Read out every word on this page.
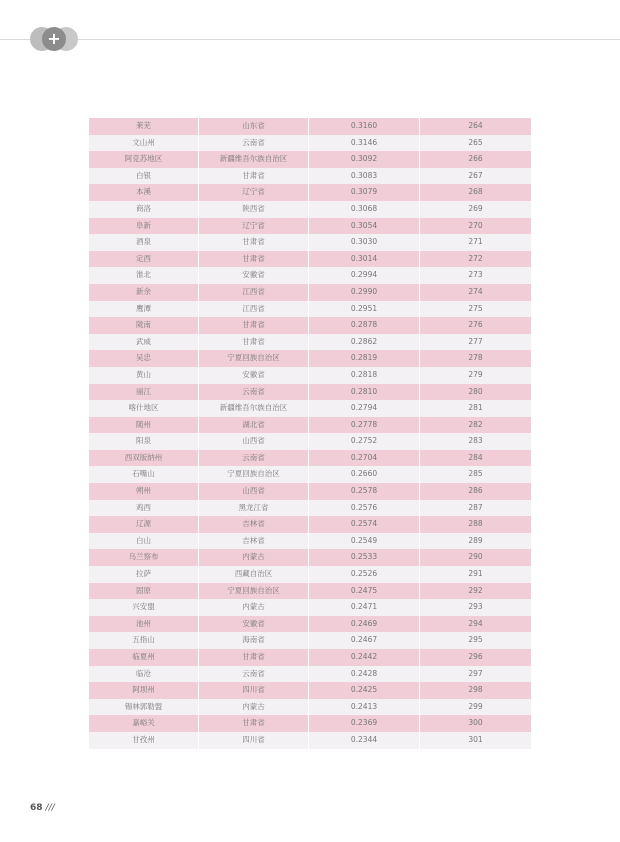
+
莱芜	山东省	0.3160	264
文山州	云南省	0.3146	265
阿克苏地区	新疆维吾尔族自治区	0.3092	266
白银	甘肃省	0.3083	267
本溪	辽宁省	0.3079	268
商洛	陕西省	0.3068	269
阜新	辽宁省	0.3054	270
酒泉	甘肃省	0.3030	271
定西	甘肃省	0.3014	272
淮北	安徽省	0.2994	273
新余	江西省	0.2990	274
鹰潭	江西省	0.2951	275
陇南	甘肃省	0.2878	276
武威	甘肃省	0.2862	277
吴忠	宁夏回族自治区	0.2819	278
黄山	安徽省	0.2818	279
丽江	云南省	0.2810	280
喀什地区	新疆维吾尔族自治区	0.2794	281
随州	湖北省	0.2778	282
阳泉	山西省	0.2752	283
西双版纳州	云南省	0.2704	284
石嘴山	宁夏回族自治区	0.2660	285
朔州	山西省	0.2578	286
鸡西	黑龙江省	0.2576	287
辽源	吉林省	0.2574	288
白山	吉林省	0.2549	289
乌兰察布	内蒙古	0.2533	290
拉萨	西藏自治区	0.2526	291
固原	宁夏回族自治区	0.2475	292
兴安盟	内蒙古	0.2471	293
池州	安徽省	0.2469	294
五指山	海南省	0.2467	295
临夏州	甘肃省	0.2442	296
临沧	云南省	0.2428	297
阿坝州	四川省	0.2425	298
锡林郭勒盟	内蒙古	0.2413	299
嘉峪关	甘肃省	0.2369	300
甘孜州	四川省	0.2344	301
68 ///
